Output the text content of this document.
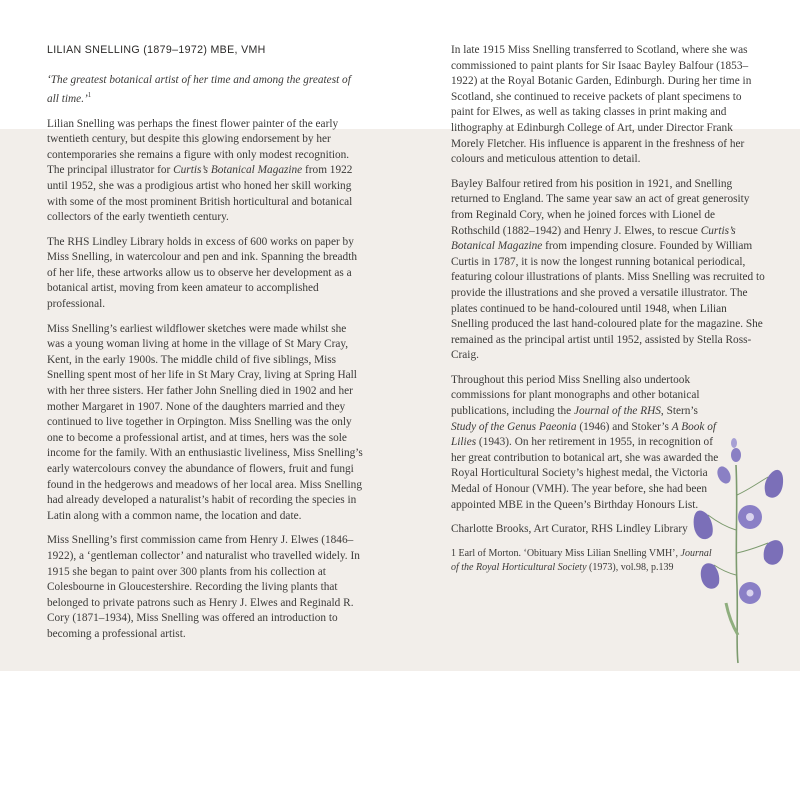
LILIAN SNELLING (1879–1972) MBE, VMH

‘The greatest botanical artist of her time and among the greatest of all time.’$^1$

Lilian Snelling was perhaps the finest flower painter of the early twentieth century, but despite this glowing endorsement by her contemporaries she remains a figure with only modest recognition. The principal illustrator for Curtis’s Botanical Magazine from 1922 until 1952, she was a prodigious artist who honed her skill working with some of the most prominent British horticultural and botanical collectors of the early twentieth century.

The RHS Lindley Library holds in excess of 600 works on paper by Miss Snelling, in watercolour and pen and ink. Spanning the breadth of her life, these artworks allow us to observe her development as a botanical artist, moving from keen amateur to accomplished professional.

Miss Snelling’s earliest wildflower sketches were made whilst she was a young woman living at home in the village of St Mary Cray, Kent, in the early 1900s. The middle child of five siblings, Miss Snelling spent most of her life in St Mary Cray, living at Spring Hall with her three sisters. Her father John Snelling died in 1902 and her mother Margaret in 1907. None of the daughters married and they continued to live together in Orpington. Miss Snelling was the only one to become a professional artist, and at times, hers was the sole income for the family. With an enthusiastic liveliness, Miss Snelling’s early watercolours convey the abundance of flowers, fruit and fungi found in the hedgerows and meadows of her local area. Miss Snelling had already developed a naturalist’s habit of recording the species in Latin along with a common name, the location and date.

Miss Snelling’s first commission came from Henry J. Elwes (1846–1922), a ‘gentleman collector’ and naturalist who travelled widely. In 1915 she began to paint over 300 plants from his collection at Colesbourne in Gloucestershire. Recording the living plants that belonged to private patrons such as Henry J. Elwes and Reginald R. Cory (1871–1934), Miss Snelling was offered an introduction to becoming a professional artist.

In late 1915 Miss Snelling transferred to Scotland, where she was commissioned to paint plants for Sir Isaac Bayley Balfour (1853–1922) at the Royal Botanic Garden, Edinburgh. During her time in Scotland, she continued to receive packets of plant specimens to paint for Elwes, as well as taking classes in print making and lithography at Edinburgh College of Art, under Director Frank Morely Fletcher. His influence is apparent in the freshness of her colours and meticulous attention to detail.

Bayley Balfour retired from his position in 1921, and Snelling returned to England. The same year saw an act of great generosity from Reginald Cory, when he joined forces with Lionel de Rothschild (1882–1942) and Henry J. Elwes, to rescue Curtis’s Botanical Magazine from impending closure. Founded by William Curtis in 1787, it is now the longest running botanical periodical, featuring colour illustrations of plants. Miss Snelling was recruited to provide the illustrations and she proved a versatile illustrator. The plates continued to be hand-coloured until 1948, when Lilian Snelling produced the last hand-coloured plate for the magazine. She remained as the principal artist until 1952, assisted by Stella Ross-Craig.

Throughout this period Miss Snelling also undertook commissions for plant monographs and other botanical publications, including the Journal of the RHS, Stern’s Study of the Genus Paeonia (1946) and Stoker’s A Book of Lilies (1943). On her retirement in 1955, in recognition of her great contribution to botanical art, she was awarded the Royal Horticultural Society’s highest medal, the Victoria Medal of Honour (VMH). The year before, she had been appointed MBE in the Queen’s Birthday Honours List.

Charlotte Brooks, Art Curator, RHS Lindley Library

1 Earl of Morton. ‘Obituary Miss Lilian Snelling VMH’, Journal of the Royal Horticultural Society (1973), vol.98, p.139
